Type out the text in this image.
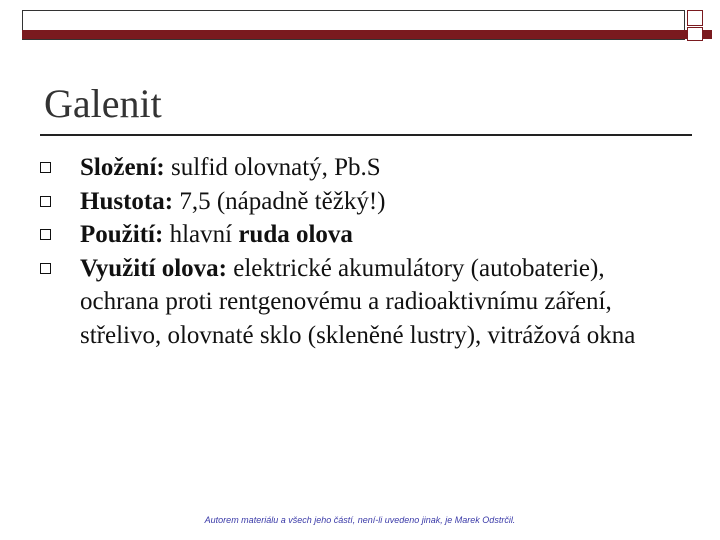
Galenit
Složení: sulfid olovnatý, Pb.S
Hustota: 7,5 (nápadně těžký!)
Použití: hlavní ruda olova
Využití olova: elektrické akumulátory (autobaterie), ochrana proti rentgenovému a radioaktivnímu záření, střelivo, olovnaté sklo (skleněné lustry), vitrážová okna
Autorem materiálu a všech jeho částí, není-li uvedeno jinak, je Marek Odstrčil.
